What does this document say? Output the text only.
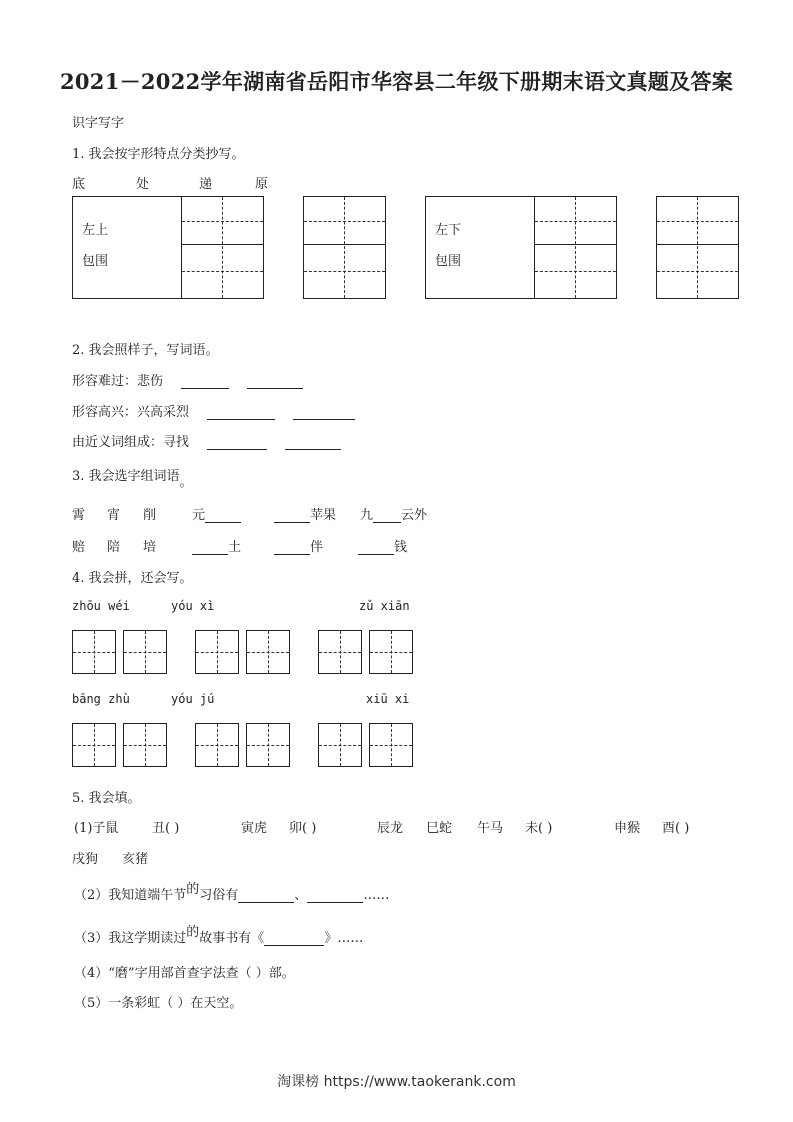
2021－2022学年湖南省岳阳市华容县二年级下册期末语文真题及答案
识字写字
1. 我会按字形特点分类抄写。
底	处	递	原
左上
包围
左下
包围
2. 我会照样子，写词语。
形容难过：悲伤
形容高兴：兴高采烈
由近义词组成：寻找
3. 我会选字组词语。
霄 宵 削	元	苹果 九 云外
赔 陪 培	土	伴	钱
4. 我会拼，还会写。
zhōu wéi	yóu xì	zǔ xiān
bāng zhù	yóu jú	xiū xi
5. 我会填。
(1)子鼠	丑( )	寅虎 卯( )	辰龙 巳蛇 午马 未( )	申猴 酉( )
戌狗 亥猪
（2）我知道端午节的习俗有	、	……
（3）我这学期读过的故事书有《	》……
（4）“磨”字用部首查字法查（ ）部。
（5）一条彩虹（ ）在天空。
淘课榜 https://www.taokerank.com
